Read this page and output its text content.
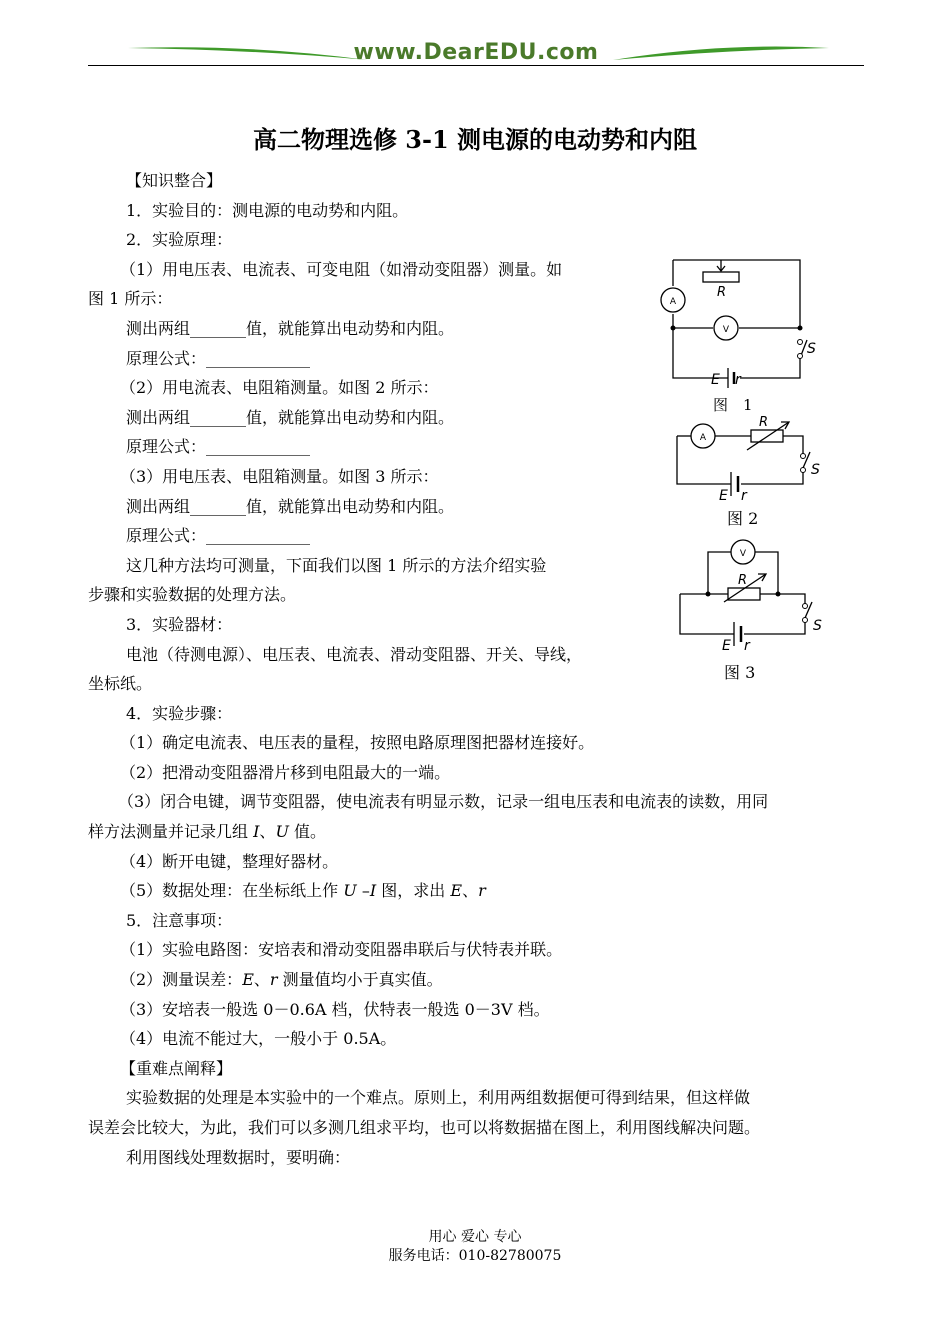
www.DearEDU.com
高二物理选修 3-1 测电源的电动势和内阻

【知识整合】

1．实验目的：测电源的电动势和内阻。

2．实验原理：

（1）用电压表、电流表、可变电阻（如滑动变阻器）测量。如

图 1 所示：

测出两组_______值，就能算出电动势和内阻。

原理公式：_____________

（2）用电流表、电阻箱测量。如图 2 所示：

测出两组_______值，就能算出电动势和内阻。

原理公式：_____________

（3）用电压表、电阻箱测量。如图 3 所示：

测出两组_______值，就能算出电动势和内阻。

原理公式：_____________

这几种方法均可测量，下面我们以图 1 所示的方法介绍实验

步骤和实验数据的处理方法。

3．实验器材：

电池（待测电源）、电压表、电流表、滑动变阻器、开关、导线，

坐标纸。

4．实验步骤：

（1）确定电流表、电压表的量程，按照电路原理图把器材连接好。

（2）把滑动变阻器滑片移到电阻最大的一端。

（3）闭合电键，调节变阻器，使电流表有明显示数，记录一组电压表和电流表的读数，用同

样方法测量并记录几组 I、U 值。

（4）断开电键，整理好器材。

（5）数据处理：在坐标纸上作 U –I 图，求出 E、r

5．注意事项：

（1）实验电路图：安培表和滑动变阻器串联后与伏特表并联。

（2）测量误差：E、r 测量值均小于真实值。

（3）安培表一般选 0－0.6A 档，伏特表一般选 0－3V 档。

（4）电流不能过大，一般小于 0.5A。

【重难点阐释】

实验数据的处理是本实验中的一个难点。原则上，利用两组数据便可得到结果，但这样做

误差会比较大，为此，我们可以多测几组求平均，也可以将数据描在图上，利用图线解决问题。

利用图线处理数据时，要明确：

A
V
R
S
E r
图　1
A
R
S
E r
图 2
V
R
S
E r
图 3
用心 爱心 专心
服务电话：010-82780075
